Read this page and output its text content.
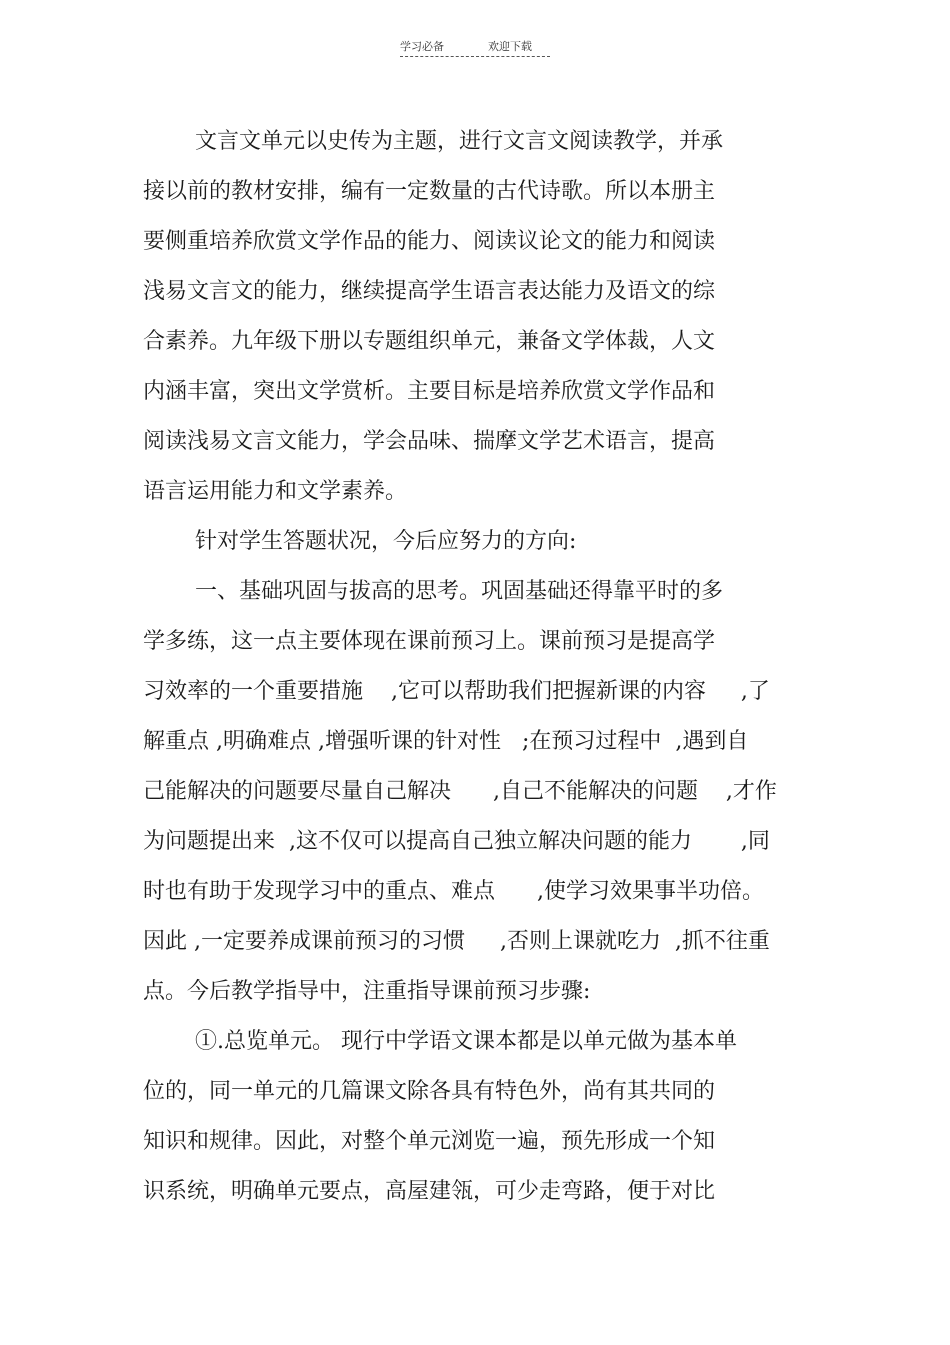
学习必备	欢迎下载
文言文单元以史传为主题，进行文言文阅读教学，并承
接以前的教材安排，编有一定数量的古代诗歌。所以本册主
要侧重培养欣赏文学作品的能力、阅读议论文的能力和阅读
浅易文言文的能力，继续提高学生语言表达能力及语文的综
合素养。九年级下册以专题组织单元，兼备文学体裁，人文
内涵丰富，突出文学赏析。主要目标是培养欣赏文学作品和
阅读浅易文言文能力，学会品味、揣摩文学艺术语言，提高
语言运用能力和文学素养。
针对学生答题状况，今后应努力的方向:
一、基础巩固与拔高的思考。巩固基础还得靠平时的多
学多练，这一点主要体现在课前预习上。课前预习是提高学
习效率的一个重要措施    ,它可以帮助我们把握新课的内容     ,了
解重点 ,明确难点 ,增强听课的针对性   ;在预习过程中  ,遇到自
己能解决的问题要尽量自己解决      ,自己不能解决的问题    ,才作
为问题提出来  ,这不仅可以提高自己独立解决问题的能力       ,同
时也有助于发现学习中的重点、难点      ,使学习效果事半功倍。
因此 ,一定要养成课前预习的习惯     ,否则上课就吃力  ,抓不往重
点。今后教学指导中，注重指导课前预习步骤:
①.总览单元。 现行中学语文课本都是以单元做为基本单
位的，同一单元的几篇课文除各具有特色外，尚有其共同的
知识和规律。因此，对整个单元浏览一遍，预先形成一个知
识系统，明确单元要点，高屋建瓴，可少走弯路，便于对比
